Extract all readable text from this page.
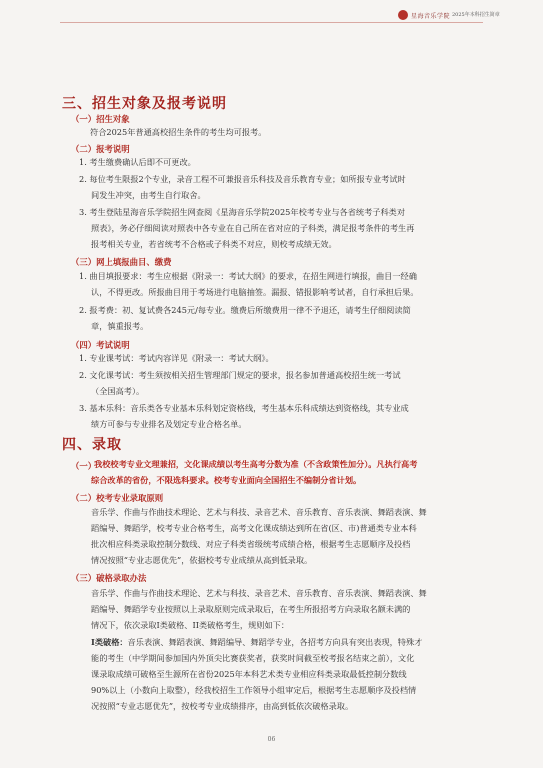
星海音乐学院 2025年本科招生简章
三、招生对象及报考说明
（一）招生对象
符合2025年普通高校招生条件的考生均可报考。
（二）报考说明
1. 考生缴费确认后即不可更改。
2. 每位考生限报2个专业，录音工程不可兼报音乐科技及音乐教育专业；如所报专业考试时
间发生冲突，由考生自行取舍。
3. 考生登陆星海音乐学院招生网查阅《星海音乐学院2025年校考专业与各省统考子科类对
照表》，务必仔细阅读对照表中各专业在自己所在省对应的子科类，满足报考条件的考生再
报考相关专业，若省统考不合格或子科类不对应，则校考成绩无效。
（三）网上填报曲目、缴费
1. 曲目填报要求：考生应根据《附录一：考试大纲》的要求，在招生网进行填报，曲目一经确
认，不得更改。所报曲目用于考场进行电脑抽签。漏报、错报影响考试者，自行承担后果。
2. 报考费：初、复试费各245元/每专业。缴费后所缴费用一律不予退还，请考生仔细阅读简
章，慎重报考。
（四）考试说明
1. 专业课考试：考试内容详见《附录一：考试大纲》。
2. 文化课考试：考生须按相关招生管理部门规定的要求，报名参加普通高校招生统一考试
（全国高考）。
3. 基本乐科：音乐类各专业基本乐科划定资格线，考生基本乐科成绩达到资格线，其专业成
绩方可参与专业排名及划定专业合格名单。
四、录取
（一）
我校校考专业文理兼招，文化课成绩以考生高考分数为准（不含政策性加分）。凡执行高考
综合改革的省份，不限选科要求。校考专业面向全国招生不编制分省计划。
（二）校考专业录取原则
音乐学、作曲与作曲技术理论、艺术与科技、录音艺术、音乐教育、音乐表演、舞蹈表演、舞
蹈编导、舞蹈学，校考专业合格考生，高考文化课成绩达到所在省(区、市)普通类专业本科
批次相应科类录取控制分数线、对应子科类省级统考成绩合格，根据考生志愿顺序及投档
情况按照“专业志愿优先”，依据校考专业成绩从高到低录取。
（三）破格录取办法
音乐学、作曲与作曲技术理论、艺术与科技、录音艺术、音乐教育、音乐表演、舞蹈表演、舞
蹈编导、舞蹈学专业按照以上录取原则完成录取后，在考生所报招考方向录取名额未满的
情况下，依次录取I类破格、II类破格考生，规则如下：
I类破格：音乐表演、舞蹈表演、舞蹈编导、舞蹈学专业，各招考方向具有突出表现，特殊才
能的考生（中学期间参加国内外顶尖比赛获奖者，获奖时间截至校考报名结束之前），文化
课录取成绩可破格至生源所在省份2025年本科艺术类专业相应科类录取最低控制分数线
90%以上（小数向上取整），经我校招生工作领导小组审定后，根据考生志愿顺序及投档情
况按照“专业志愿优先”，按校考专业成绩排序，由高到低依次破格录取。
06
